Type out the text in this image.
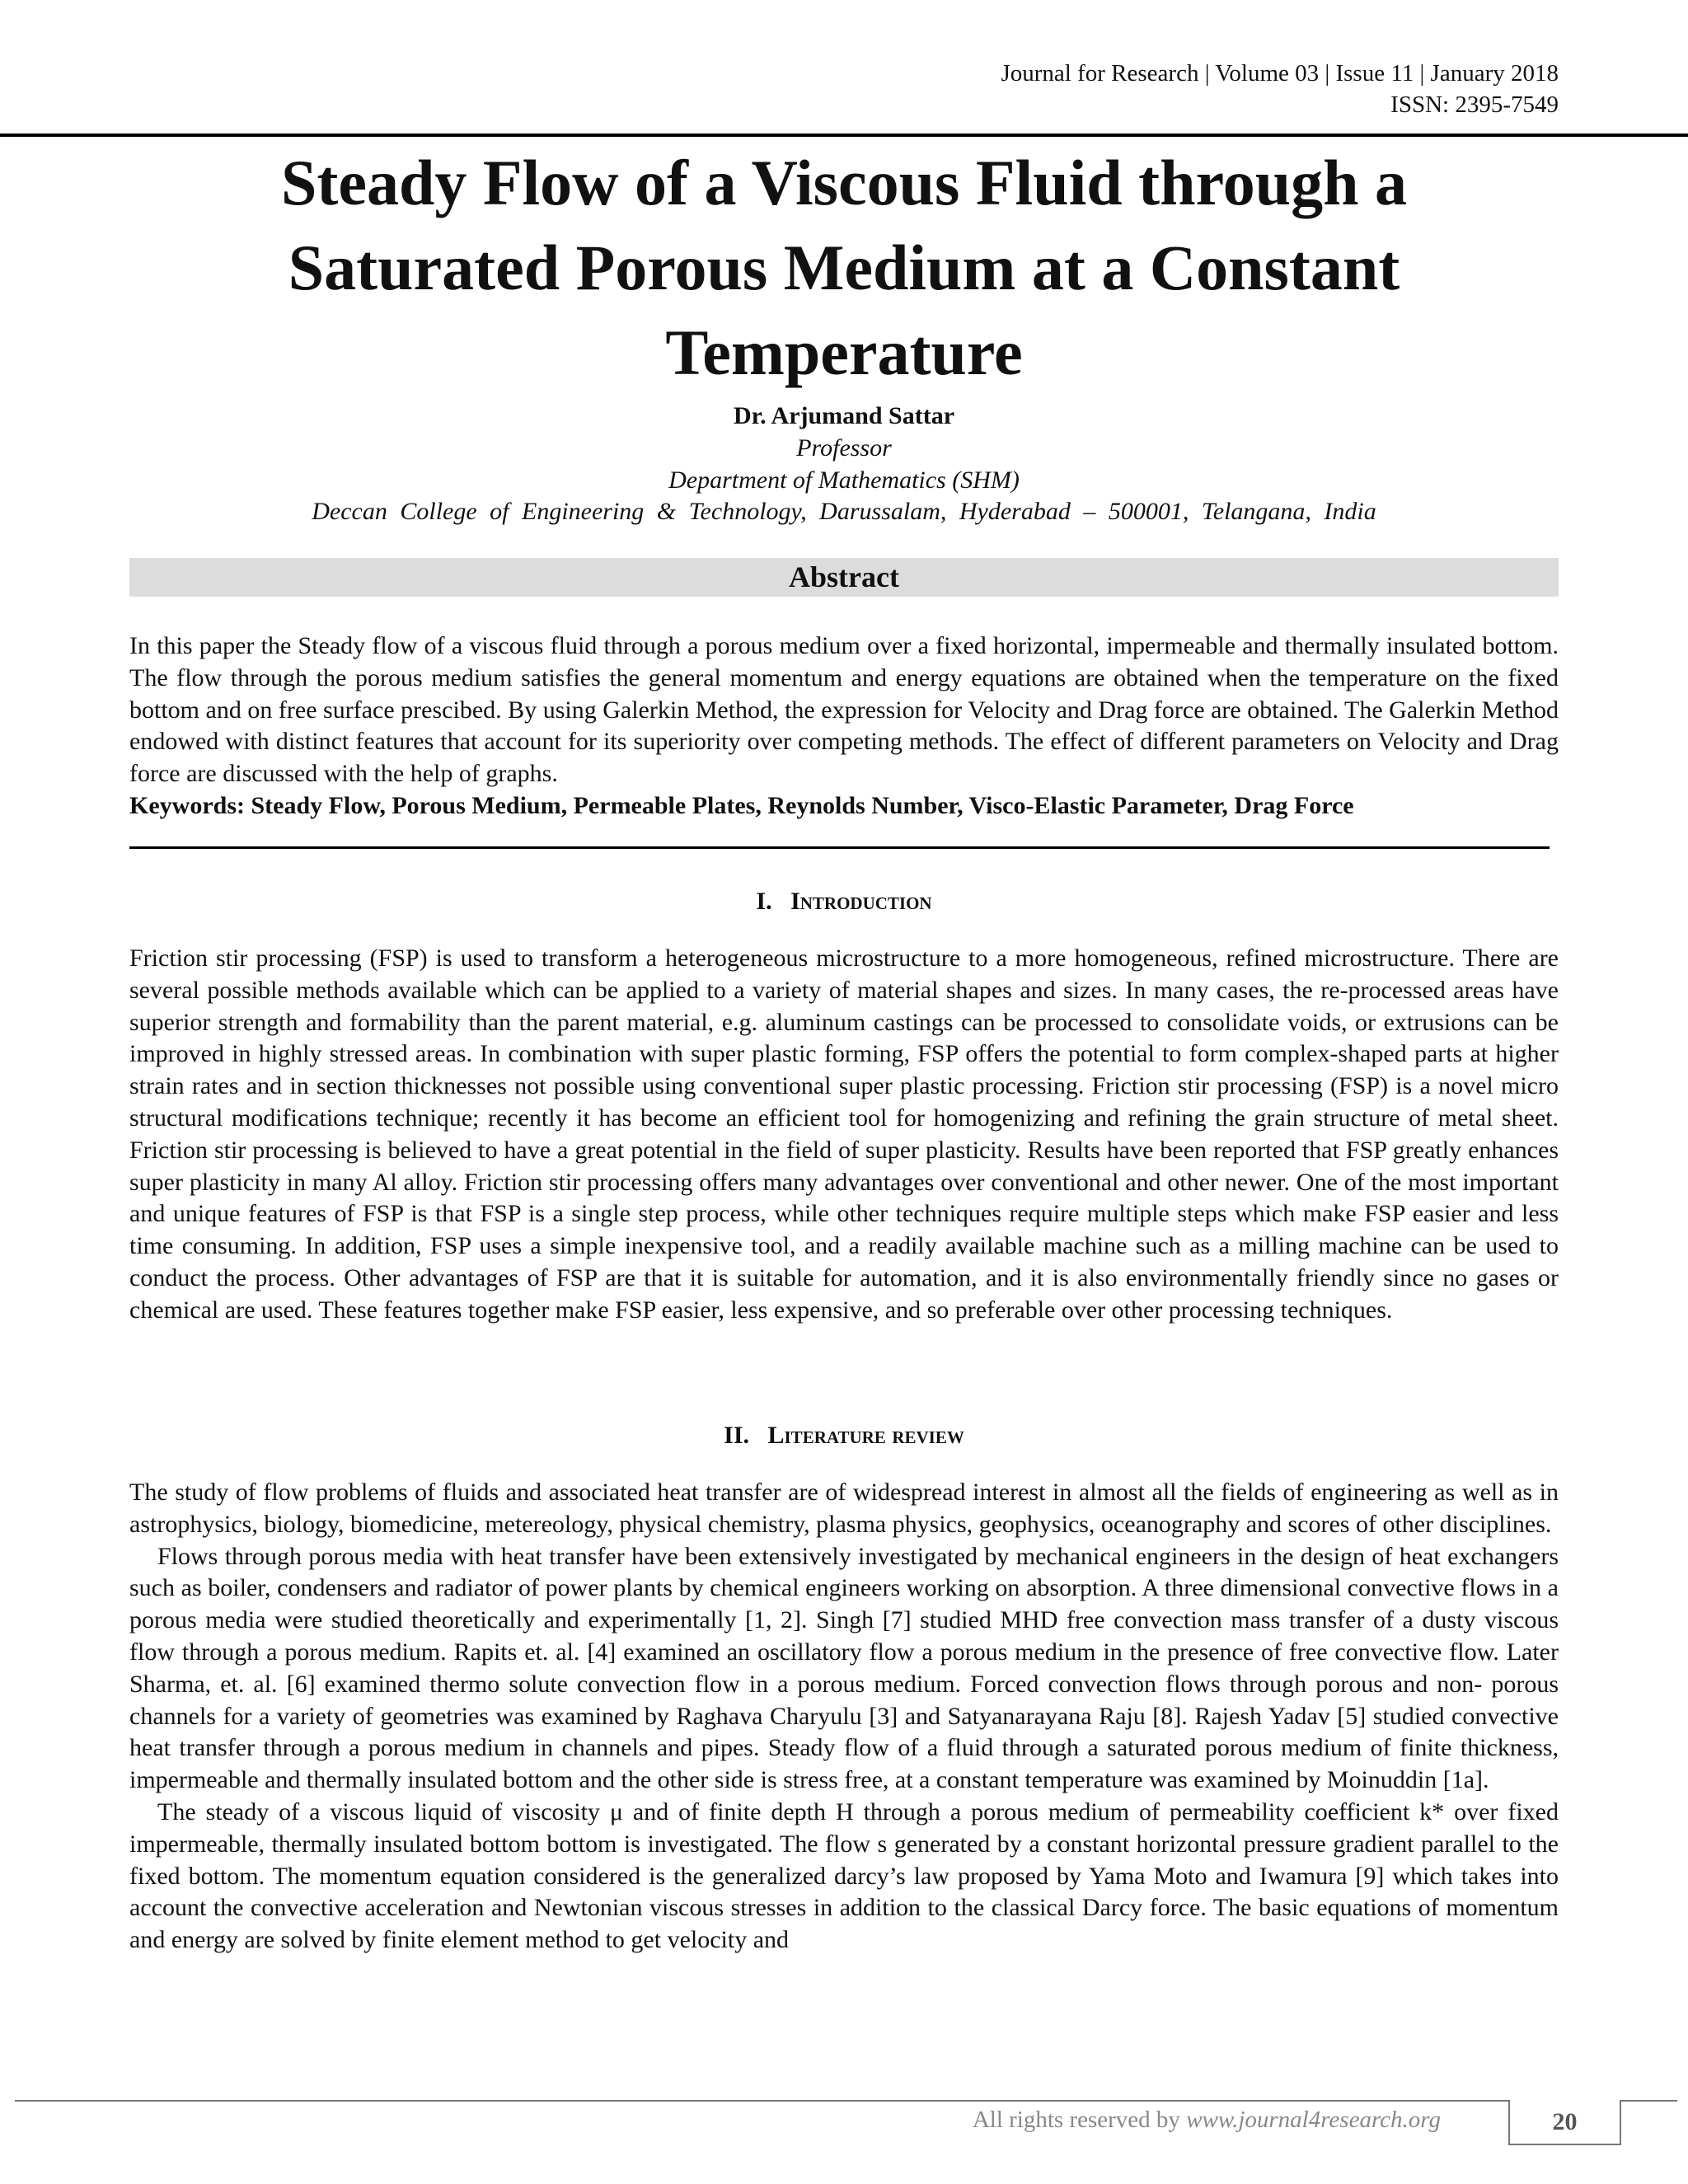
Journal for Research | Volume 03 | Issue 11 | January 2018
ISSN: 2395-7549
Steady Flow of a Viscous Fluid through a
Saturated Porous Medium at a Constant
Temperature
Dr. Arjumand Sattar
Professor
Department of Mathematics (SHM)
Deccan College of Engineering & Technology, Darussalam, Hyderabad – 500001, Telangana, India
Abstract

In this paper the Steady flow of a viscous fluid through a porous medium over a fixed horizontal, impermeable and thermally insulated bottom. The flow through the porous medium satisfies the general momentum and energy equations are obtained when the temperature on the fixed bottom and on free surface prescibed. By using Galerkin Method, the expression for Velocity and Drag force are obtained. The Galerkin Method endowed with distinct features that account for its superiority over competing methods. The effect of different parameters on Velocity and Drag force are discussed with the help of graphs.

Keywords: Steady Flow, Porous Medium, Permeable Plates, Reynolds Number, Visco-Elastic Parameter, Drag Force

I. Introduction

Friction stir processing (FSP) is used to transform a heterogeneous microstructure to a more homogeneous, refined microstructure. There are several possible methods available which can be applied to a variety of material shapes and sizes. In many cases, the re-processed areas have superior strength and formability than the parent material, e.g. aluminum castings can be processed to consolidate voids, or extrusions can be improved in highly stressed areas. In combination with super plastic forming, FSP offers the potential to form complex-shaped parts at higher strain rates and in section thicknesses not possible using conventional super plastic processing. Friction stir processing (FSP) is a novel micro structural modifications technique; recently it has become an efficient tool for homogenizing and refining the grain structure of metal sheet. Friction stir processing is believed to have a great potential in the field of super plasticity. Results have been reported that FSP greatly enhances super plasticity in many Al alloy. Friction stir processing offers many advantages over conventional and other newer. One of the most important and unique features of FSP is that FSP is a single step process, while other techniques require multiple steps which make FSP easier and less time consuming. In addition, FSP uses a simple inexpensive tool, and a readily available machine such as a milling machine can be used to conduct the process. Other advantages of FSP are that it is suitable for automation, and it is also environmentally friendly since no gases or chemical are used. These features together make FSP easier, less expensive, and so preferable over other processing techniques.

II. Literature review

The study of flow problems of fluids and associated heat transfer are of widespread interest in almost all the fields of engineering as well as in astrophysics, biology, biomedicine, metereology, physical chemistry, plasma physics, geophysics, oceanography and scores of other disciplines.

Flows through porous media with heat transfer have been extensively investigated by mechanical engineers in the design of heat exchangers such as boiler, condensers and radiator of power plants by chemical engineers working on absorption. A three dimensional convective flows in a porous media were studied theoretically and experimentally [1, 2]. Singh [7] studied MHD free convection mass transfer of a dusty viscous flow through a porous medium. Rapits et. al. [4] examined an oscillatory flow a porous medium in the presence of free convective flow. Later Sharma, et. al. [6] examined thermo solute convection flow in a porous medium. Forced convection flows through porous and non- porous channels for a variety of geometries was examined by Raghava Charyulu [3] and Satyanarayana Raju [8]. Rajesh Yadav [5] studied convective heat transfer through a porous medium in channels and pipes. Steady flow of a fluid through a saturated porous medium of finite thickness, impermeable and thermally insulated bottom and the other side is stress free, at a constant temperature was examined by Moinuddin [1a].

The steady of a viscous liquid of viscosity μ and of finite depth H through a porous medium of permeability coefficient k* over fixed impermeable, thermally insulated bottom bottom is investigated. The flow s generated by a constant horizontal pressure gradient parallel to the fixed bottom. The momentum equation considered is the generalized darcy’s law proposed by Yama Moto and Iwamura [9] which takes into account the convective acceleration and Newtonian viscous stresses in addition to the classical Darcy force. The basic equations of momentum and energy are solved by finite element method to get velocity and

All rights reserved by www.journal4research.org	20
